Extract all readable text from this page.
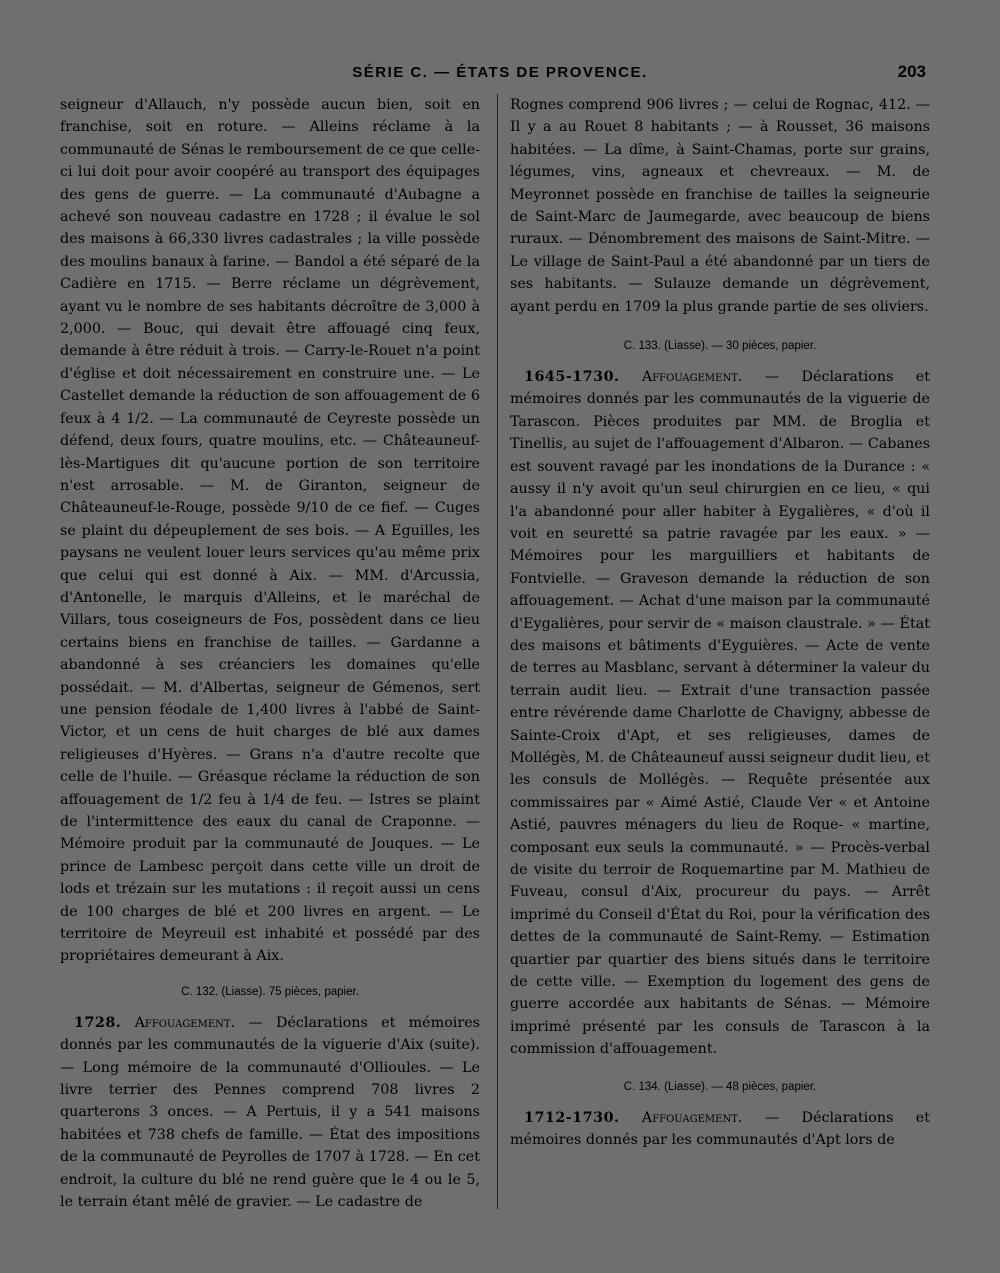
SÉRIE C. — ÉTATS DE PROVENCE.	203

seigneur d'Allauch, n'y possède aucun bien, soit en franchise, soit en roture. — Alleins réclame à la communauté de Sénas le remboursement de ce que celle-ci lui doit pour avoir coopéré au transport des équipages des gens de guerre. — La communauté d'Aubagne a achevé son nouveau cadastre en 1728 ; il évalue le sol des maisons à 66,330 livres cadastrales ; la ville possède des moulins banaux à farine. — Bandol a été séparé de la Cadière en 1715. — Berre réclame un dégrèvement, ayant vu le nombre de ses habitants décroître de 3,000 à 2,000. — Bouc, qui devait être affouagé cinq feux, demande à être réduit à trois. — Carry-le-Rouet n'a point d'église et doit nécessairement en construire une. — Le Castellet demande la réduction de son affouagement de 6 feux à 4 1/2. — La communauté de Ceyreste possède un défend, deux fours, quatre moulins, etc. — Châteauneuf-lès-Martigues dit qu'aucune portion de son territoire n'est arrosable. — M. de Giranton, seigneur de Châteauneuf-le-Rouge, possède 9/10 de ce fief. — Cuges se plaint du dépeuplement de ses bois. — A Eguilles, les paysans ne veulent louer leurs services qu'au même prix que celui qui est donné à Aix. — MM. d'Arcussia, d'Antonelle, le marquis d'Alleins, et le maréchal de Villars, tous coseigneurs de Fos, possèdent dans ce lieu certains biens en franchise de tailles. — Gardanne a abandonné à ses créanciers les domaines qu'elle possédait. — M. d'Albertas, seigneur de Gémenos, sert une pension féodale de 1,400 livres à l'abbé de Saint-Victor, et un cens de huit charges de blé aux dames religieuses d'Hyères. — Grans n'a d'autre recolte que celle de l'huile. — Gréasque réclame la réduction de son affouagement de 1/2 feu à 1/4 de feu. — Istres se plaint de l'intermittence des eaux du canal de Craponne. — Mémoire produit par la communauté de Jouques. — Le prince de Lambesc perçoit dans cette ville un droit de lods et trézain sur les mutations : il reçoit aussi un cens de 100 charges de blé et 200 livres en argent. — Le territoire de Meyreuil est inhabité et possédé par des propriétaires demeurant à Aix.

C. 132. (Liasse). 75 pièces, papier.

1728. Affouagement. — Déclarations et mémoires donnés par les communautés de la viguerie d'Aix (suite). — Long mémoire de la communauté d'Ollioules. — Le livre terrier des Pennes comprend 708 livres 2 quarterons 3 onces. — A Pertuis, il y a 541 maisons habitées et 738 chefs de famille. — État des impositions de la communauté de Peyrolles de 1707 à 1728. — En cet endroit, la culture du blé ne rend guère que le 4 ou le 5, le terrain étant mêlé de gravier. — Le cadastre de

Rognes comprend 906 livres ; — celui de Rognac, 412. — Il y a au Rouet 8 habitants ; — à Rousset, 36 maisons habitées. — La dîme, à Saint-Chamas, porte sur grains, légumes, vins, agneaux et chevreaux. — M. de Meyronnet possède en franchise de tailles la seigneurie de Saint-Marc de Jaumegarde, avec beaucoup de biens ruraux. — Dénombrement des maisons de Saint-Mitre. — Le village de Saint-Paul a été abandonné par un tiers de ses habitants. — Sulauze demande un dégrèvement, ayant perdu en 1709 la plus grande partie de ses oliviers.

C. 133. (Liasse). — 30 pièces, papier.

1645-1730. Affouagement. — Déclarations et mémoires donnés par les communautés de la viguerie de Tarascon. Pièces produites par MM. de Broglia et Tinellis, au sujet de l'affouagement d'Albaron. — Cabanes est souvent ravagé par les inondations de la Durance : « aussy il n'y avoit qu'un seul chirurgien en ce lieu, « qui l'a abandonné pour aller habiter à Eygalières, « d'où il voit en seuretté sa patrie ravagée par les eaux. » — Mémoires pour les marguilliers et habitants de Fontvielle. — Graveson demande la réduction de son affouagement. — Achat d'une maison par la communauté d'Eygalières, pour servir de « maison claustrale. » — État des maisons et bâtiments d'Eyguières. — Acte de vente de terres au Masblanc, servant à déterminer la valeur du terrain audit lieu. — Extrait d'une transaction passée entre révérende dame Charlotte de Chavigny, abbesse de Sainte-Croix d'Apt, et ses religieuses, dames de Mollégès, M. de Châteauneuf aussi seigneur dudit lieu, et les consuls de Mollégès. — Requête présentée aux commissaires par « Aimé Astié, Claude Ver « et Antoine Astié, pauvres ménagers du lieu de Roque- « martine, composant eux seuls la communauté. » — Procès-verbal de visite du terroir de Roquemartine par M. Mathieu de Fuveau, consul d'Aix, procureur du pays. — Arrêt imprimé du Conseil d'État du Roi, pour la vérification des dettes de la communauté de Saint-Remy. — Estimation quartier par quartier des biens situés dans le territoire de cette ville. — Exemption du logement des gens de guerre accordée aux habitants de Sénas. — Mémoire imprimé présenté par les consuls de Tarascon à la commission d'affouagement.

C. 134. (Liasse). — 48 pièces, papier.

1712-1730. Affouagement. — Déclarations et mémoires donnés par les communautés d'Apt lors de
